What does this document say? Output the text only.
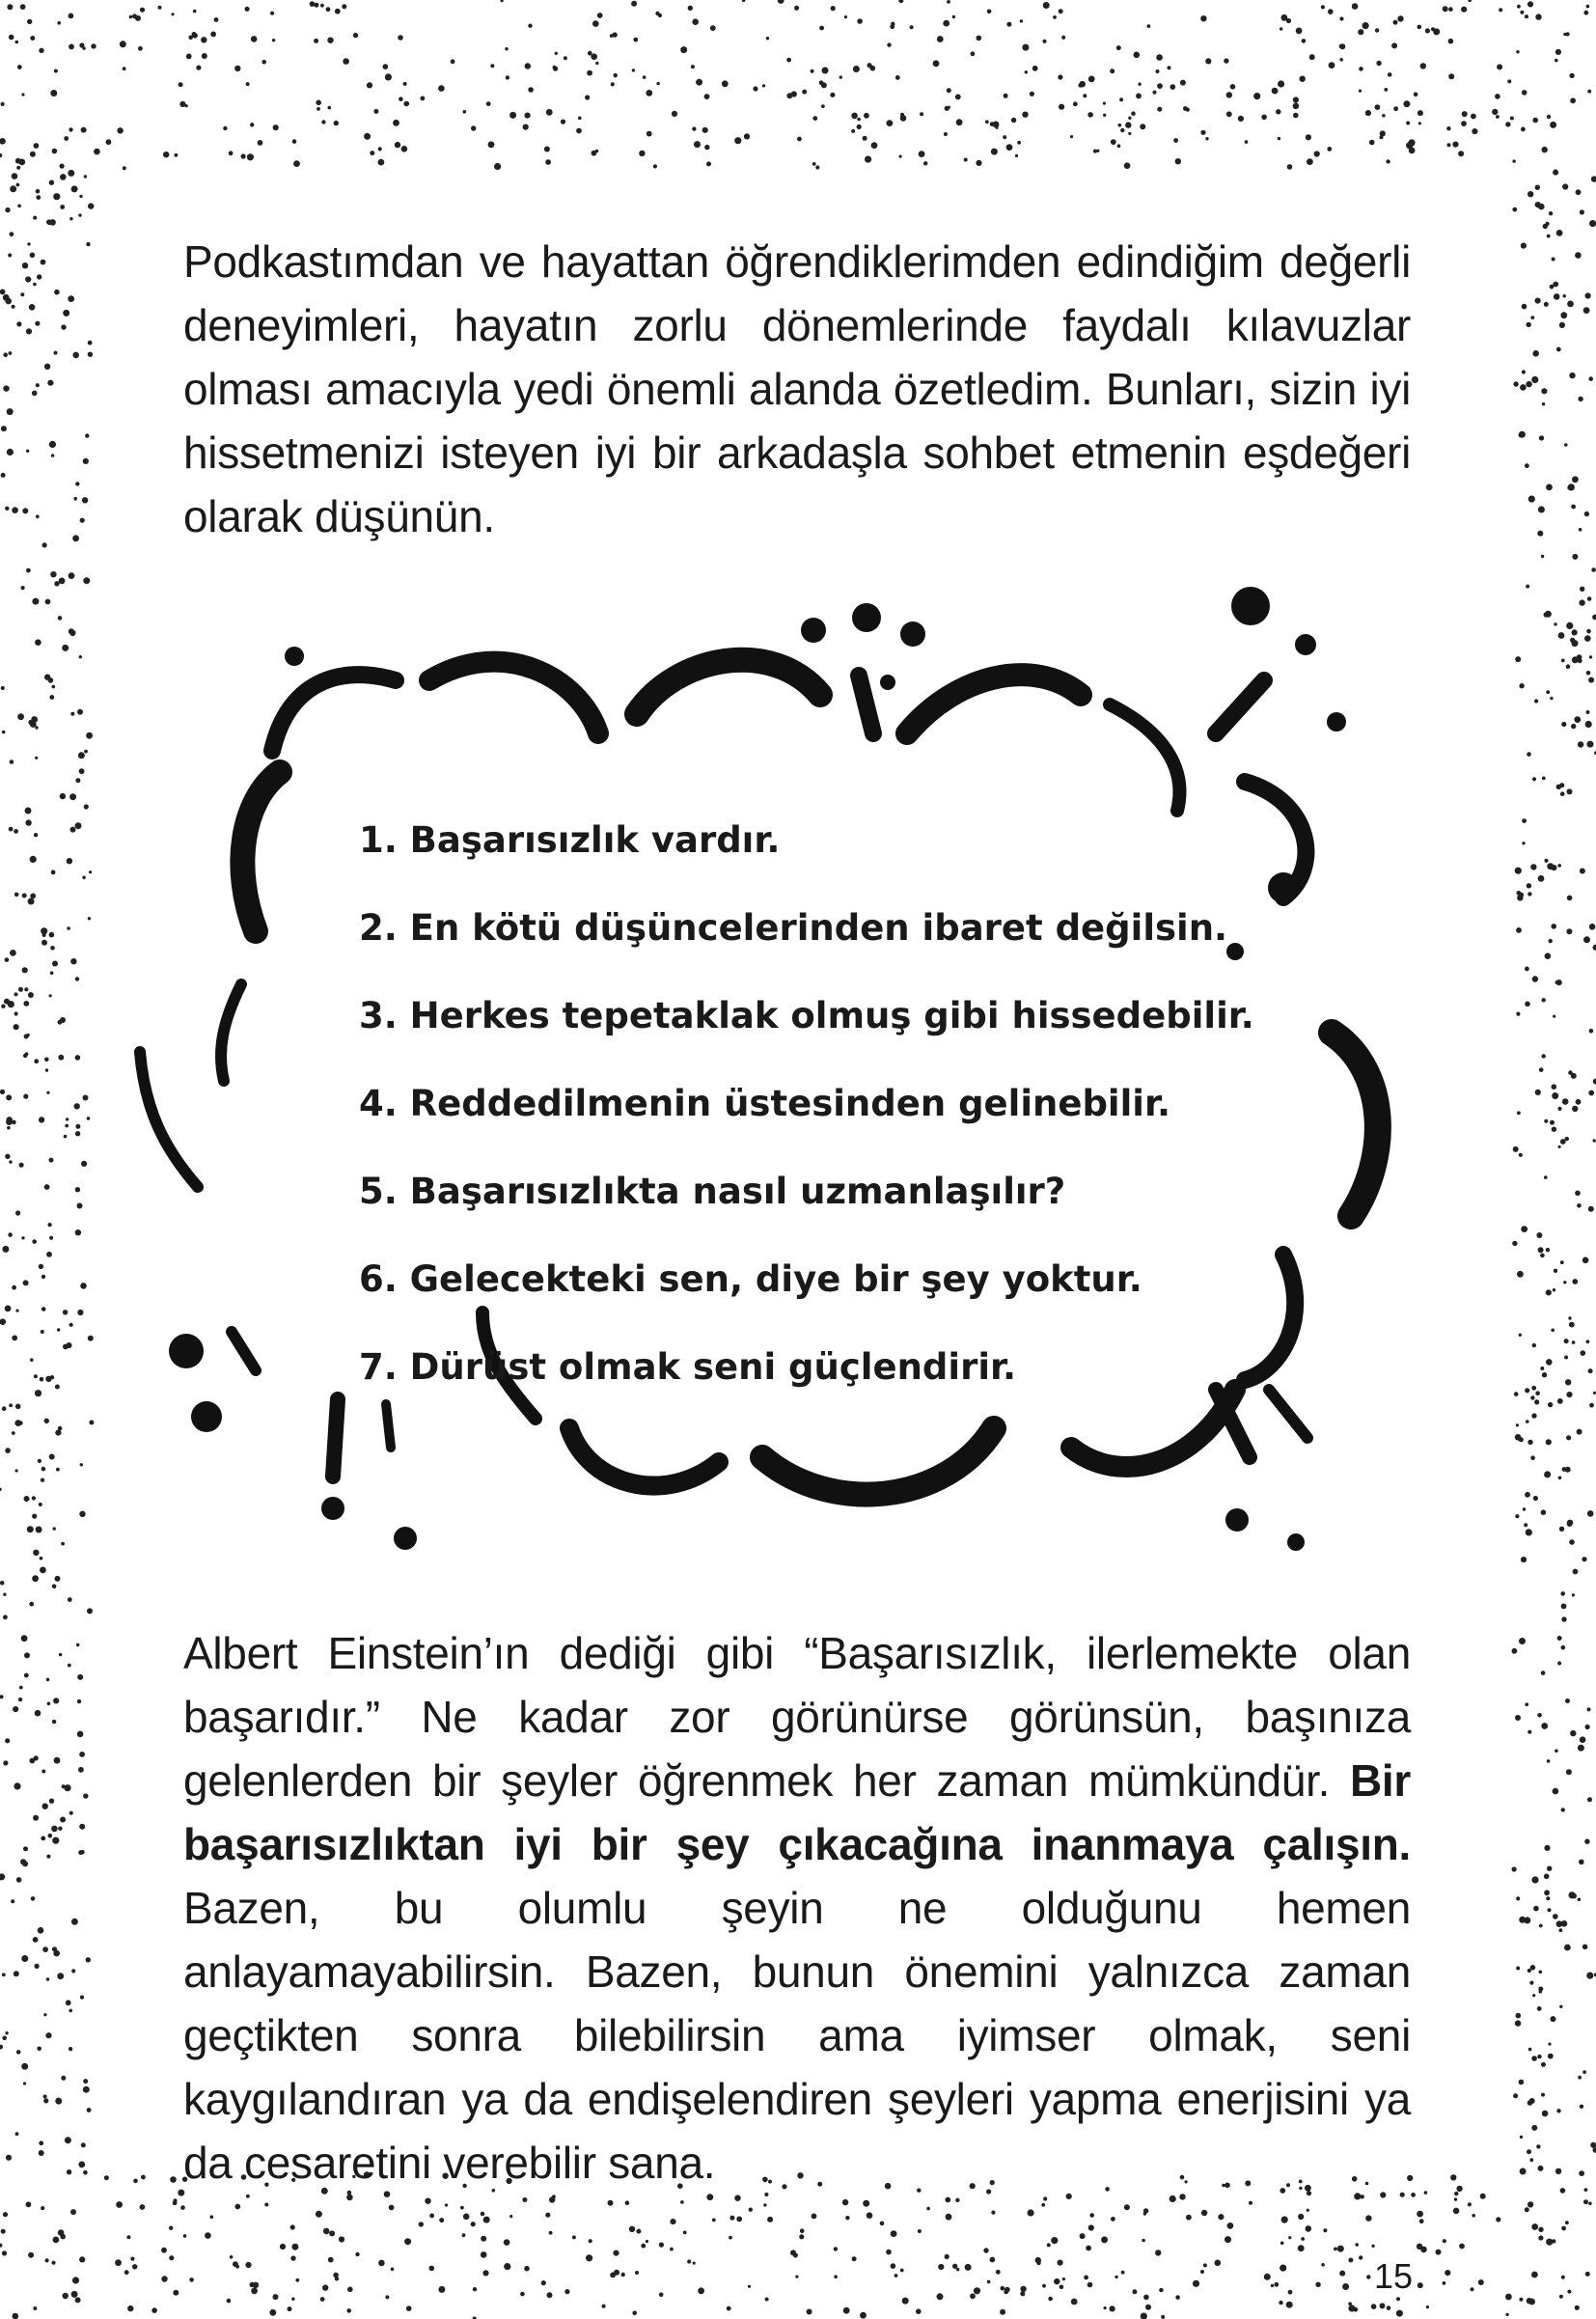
Podkastımdan ve hayattan öğrendiklerimden edindiğim değerli deneyimleri, hayatın zorlu dönemlerinde faydalı kılavuzlar olması amacıyla yedi önemli alanda özetledim. Bunları, sizin iyi hissetmenizi isteyen iyi bir arkadaşla sohbet etmenin eşdeğeri olarak düşünün.

1. Başarısızlık vardır.
2. En kötü düşüncelerinden ibaret değilsin.
3. Herkes tepetaklak olmuş gibi hissedebilir.
4. Reddedilmenin üstesinden gelinebilir.
5. Başarısızlıkta nasıl uzmanlaşılır?
6. Gelecekteki sen, diye bir şey yoktur.
7. Dürüst olmak seni güçlendirir.

Albert Einstein’ın dediği gibi “Başarısızlık, ilerlemekte olan başarıdır.” Ne kadar zor görünürse görünsün, başınıza gelenlerden bir şeyler öğrenmek her zaman mümkündür. Bir başarısızlıktan iyi bir şey çıkacağına inanmaya çalışın. Bazen, bu olumlu şeyin ne olduğunu hemen anlayamayabilirsin. Bazen, bunun önemini yalnızca zaman geçtikten sonra bilebilirsin ama iyimser olmak, seni kaygılandıran ya da endişelendiren şeyleri yapma enerjisini ya da cesaretini verebilir sana.

15
